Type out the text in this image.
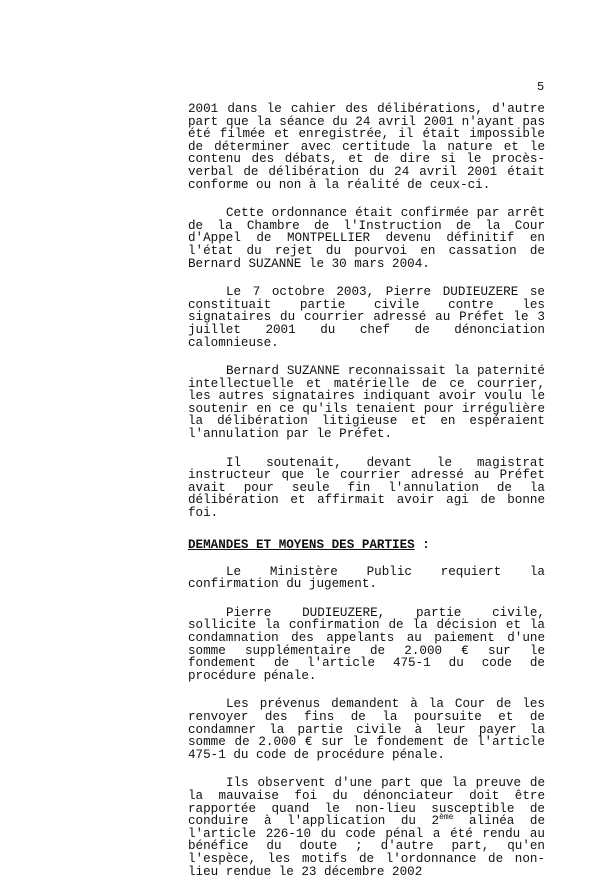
5

2001 dans le cahier des délibérations, d'autre part que la séance du 24 avril 2001 n'ayant pas été filmée et enregistrée, il était impossible de déterminer avec certitude la nature et le contenu des débats, et de dire si le procès-verbal de délibération du 24 avril 2001 était conforme ou non à la réalité de ceux-ci.

Cette ordonnance était confirmée par arrêt de la Chambre de l'Instruction de la Cour d'Appel de MONTPELLIER devenu définitif en l'état du rejet du pourvoi en cassation de Bernard SUZANNE le 30 mars 2004.

Le 7 octobre 2003, Pierre DUDIEUZERE se constituait partie civile contre les signataires du courrier adressé au Préfet le 3 juillet 2001 du chef de dénonciation calomnieuse.

Bernard SUZANNE reconnaissait la paternité intellectuelle et matérielle de ce courrier, les autres signataires indiquant avoir voulu le soutenir en ce qu'ils tenaient pour irrégulière la délibération litigieuse et en espéraient l'annulation par le Préfet.

Il soutenait, devant le magistrat instructeur que le courrier adressé au Préfet avait pour seule fin l'annulation de la délibération et affirmait avoir agi de bonne foi.

DEMANDES ET MOYENS DES PARTIES :

Le Ministère Public requiert la confirmation du jugement.

Pierre DUDIEUZERE, partie civile, sollicite la confirmation de la décision et la condamnation des appelants au paiement d'une somme supplémentaire de 2.000 € sur le fondement de l'article 475-1 du code de procédure pénale.

Les prévenus demandent à la Cour de les renvoyer des fins de la poursuite et de condamner la partie civile à leur payer la somme de 2.000 € sur le fondement de l'article 475-1 du code de procédure pénale.

Ils observent d'une part que la preuve de la mauvaise foi du dénonciateur doit être rapportée quand le non-lieu susceptible de conduire à l'application du 2ème alinéa de l'article 226-10 du code pénal a été rendu au bénéfice du doute ; d'autre part, qu'en l'espèce, les motifs de l'ordonnance de non-lieu rendue le 23 décembre 2002
